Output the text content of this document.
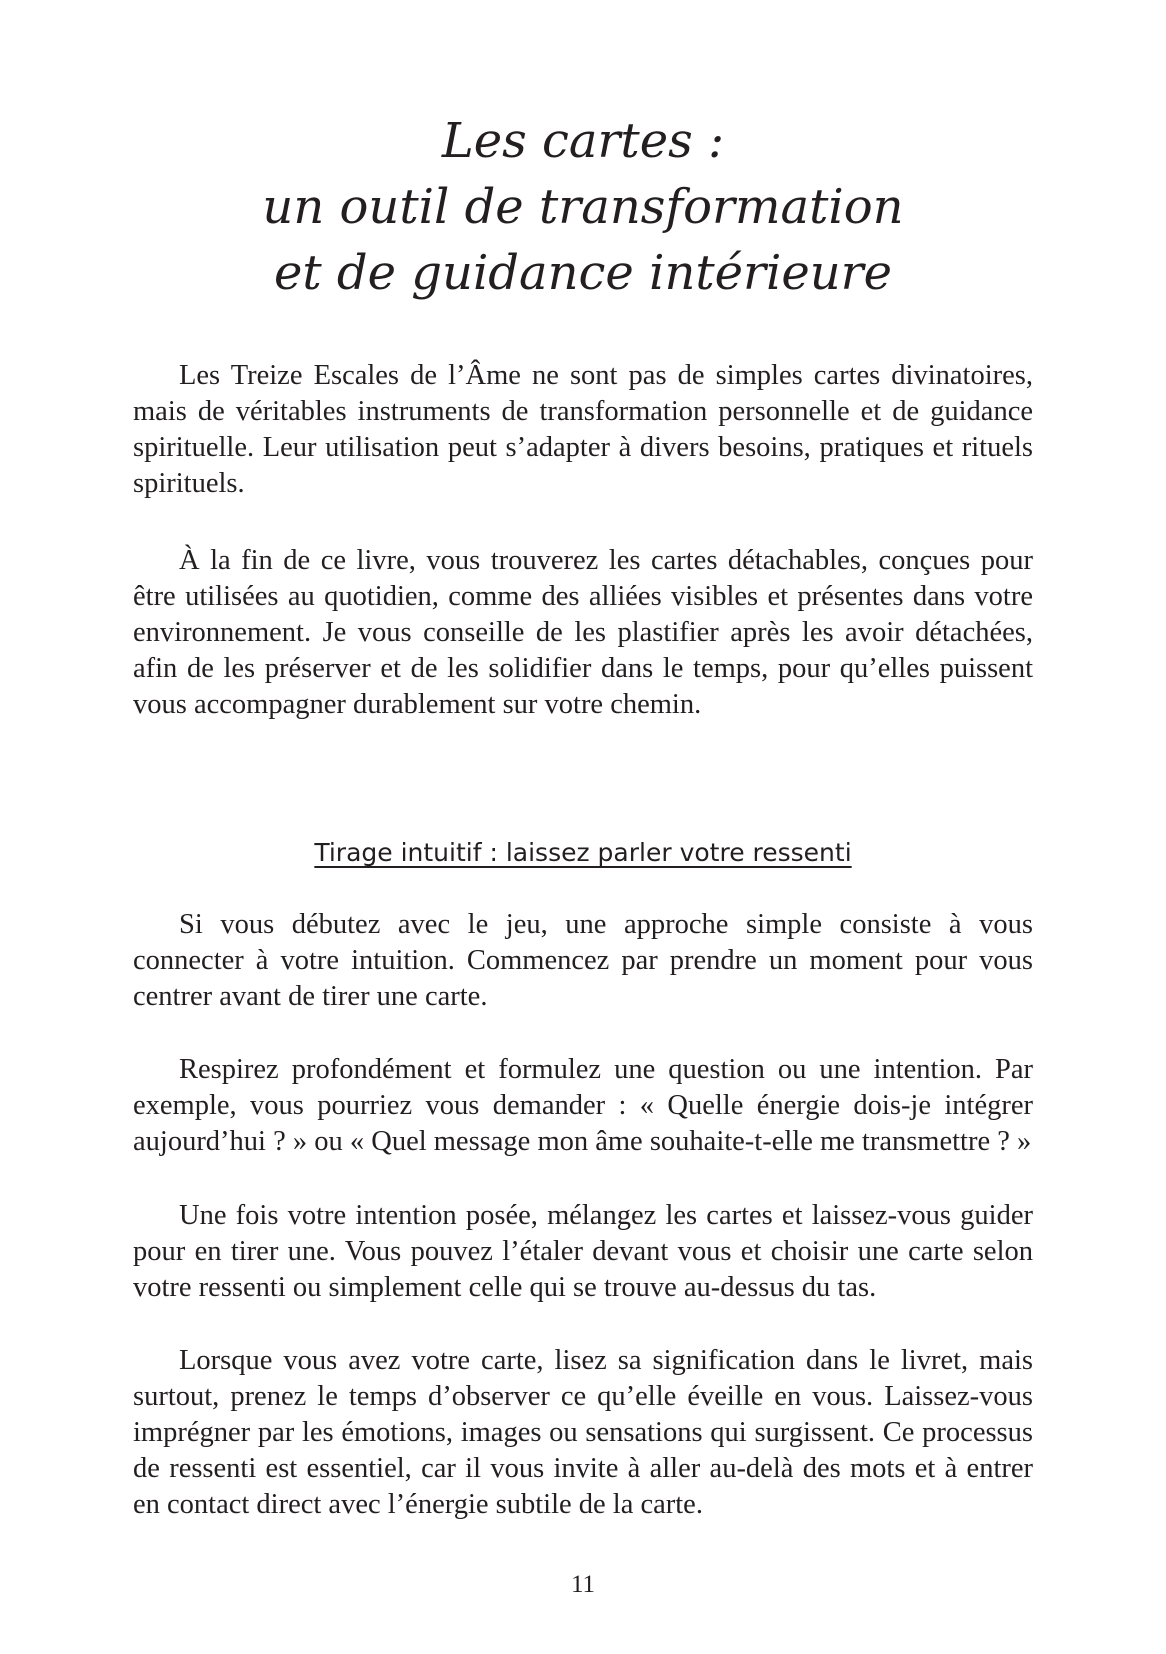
Les cartes :
un outil de transformation
et de guidance intérieure

Les Treize Escales de l’Âme ne sont pas de simples cartes divinatoires, mais de véritables instruments de transformation personnelle et de guidance spirituelle. Leur utilisation peut s’adapter à divers besoins, pratiques et rituels spirituels.

À la fin de ce livre, vous trouverez les cartes détachables, conçues pour être utilisées au quotidien, comme des alliées visibles et présentes dans votre environnement. Je vous conseille de les plastifier après les avoir détachées, afin de les préserver et de les solidifier dans le temps, pour qu’elles puissent vous accompagner durablement sur votre chemin.

Tirage intuitif : laissez parler votre ressenti

Si vous débutez avec le jeu, une approche simple consiste à vous connecter à votre intuition. Commencez par prendre un moment pour vous centrer avant de tirer une carte.

Respirez profondément et formulez une question ou une intention. Par exemple, vous pourriez vous demander : « Quelle énergie dois-je intégrer aujourd’hui ? » ou « Quel message mon âme souhaite-t-elle me transmettre ? »

Une fois votre intention posée, mélangez les cartes et laissez-vous guider pour en tirer une. Vous pouvez l’étaler devant vous et choisir une carte selon votre ressenti ou simplement celle qui se trouve au-dessus du tas.

Lorsque vous avez votre carte, lisez sa signification dans le livret, mais surtout, prenez le temps d’observer ce qu’elle éveille en vous. Laissez-vous imprégner par les émotions, images ou sensations qui surgissent. Ce processus de ressenti est essentiel, car il vous invite à aller au-delà des mots et à entrer en contact direct avec l’énergie subtile de la carte.

11
